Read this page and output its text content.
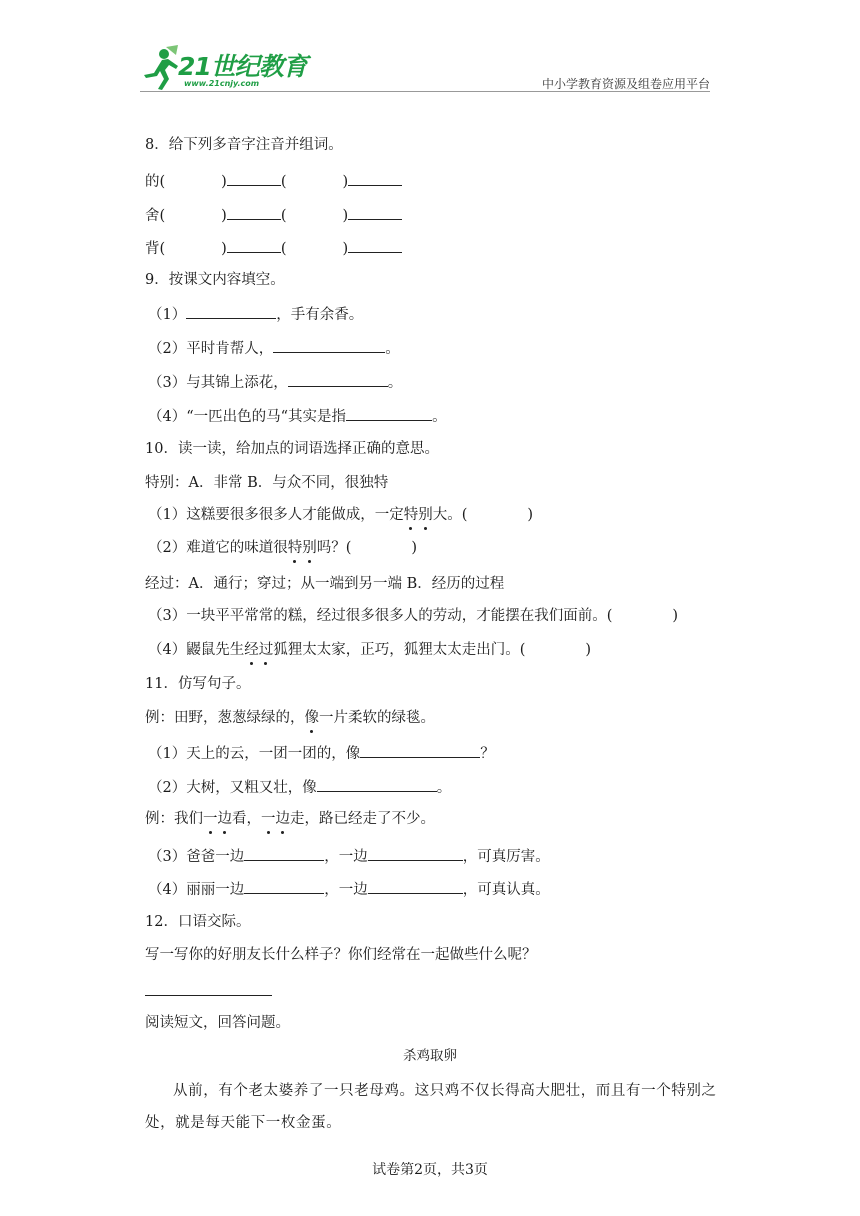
21世纪教育
www.21cnjy.com	中小学教育资源及组卷应用平台
8．给下列多音字注音并组词。
的(	)	(	)
舍(	)	(	)
背(	)	(	)
9．按课文内容填空。
（1）	，手有余香。
（2）平时肯帮人，	。
（3）与其锦上添花，	。
（4）“一匹出色的马“其实是指	。
10．读一读，给加点的词语选择正确的意思。
特别：A．非常 B．与众不同，很独特
（1）这糕要很多很多人才能做成，一定特别大。(	)
（2）难道它的味道很特别吗？(	)
经过：A．通行；穿过；从一端到另一端 B．经历的过程
（3）一块平平常常的糕，经过很多很多人的劳动，才能摆在我们面前。(	)
（4）鼹鼠先生经过狐狸太太家，正巧，狐狸太太走出门。(	)
11．仿写句子。
例：田野，葱葱绿绿的，像一片柔软的绿毯。
（1）天上的云，一团一团的，像	？
（2）大树，又粗又壮，像	。
例：我们一边看，一边走，路已经走了不少。
（3）爸爸一边	，一边	，可真厉害。
（4）丽丽一边	，一边	，可真认真。
12．口语交际。
写一写你的好朋友长什么样子？你们经常在一起做些什么呢？
阅读短文，回答问题。
杀鸡取卵
从前，有个老太婆养了一只老母鸡。这只鸡不仅长得高大肥壮，而且有一个特别之
处，就是每天能下一枚金蛋。
试卷第2页，共3页
